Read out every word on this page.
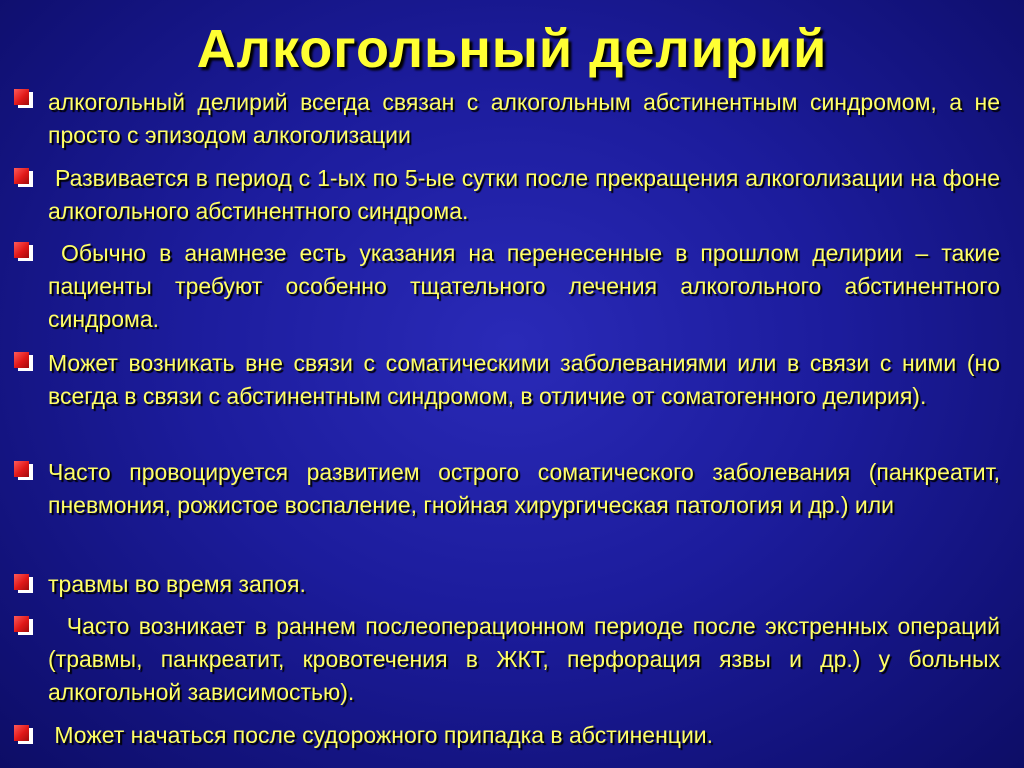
Алкогольный делирий
алкогольный делирий всегда связан с алкогольным абстинентным синдромом, а не просто с эпизодом алкоголизации
Развивается в период с 1-ых по 5-ые сутки после прекращения алкоголизации на фоне алкогольного абстинентного синдрома.
Обычно в анамнезе есть указания на перенесенные в прошлом делирии – такие пациенты требуют особенно тщательного лечения алкогольного абстинентного синдрома.
Может возникать вне связи с соматическими заболеваниями или в связи с ними (но всегда в связи с абстинентным синдромом, в отличие от соматогенного делирия).
Часто провоцируется развитием острого соматического заболевания (панкреатит, пневмония, рожистое воспаление, гнойная хирургическая патология и др.) или
травмы во время запоя.
Часто возникает в раннем послеоперационном периоде после экстренных операций (травмы, панкреатит, кровотечения в ЖКТ, перфорация язвы и др.) у больных алкогольной зависимостью).
Может начаться после судорожного припадка в абстиненции.
